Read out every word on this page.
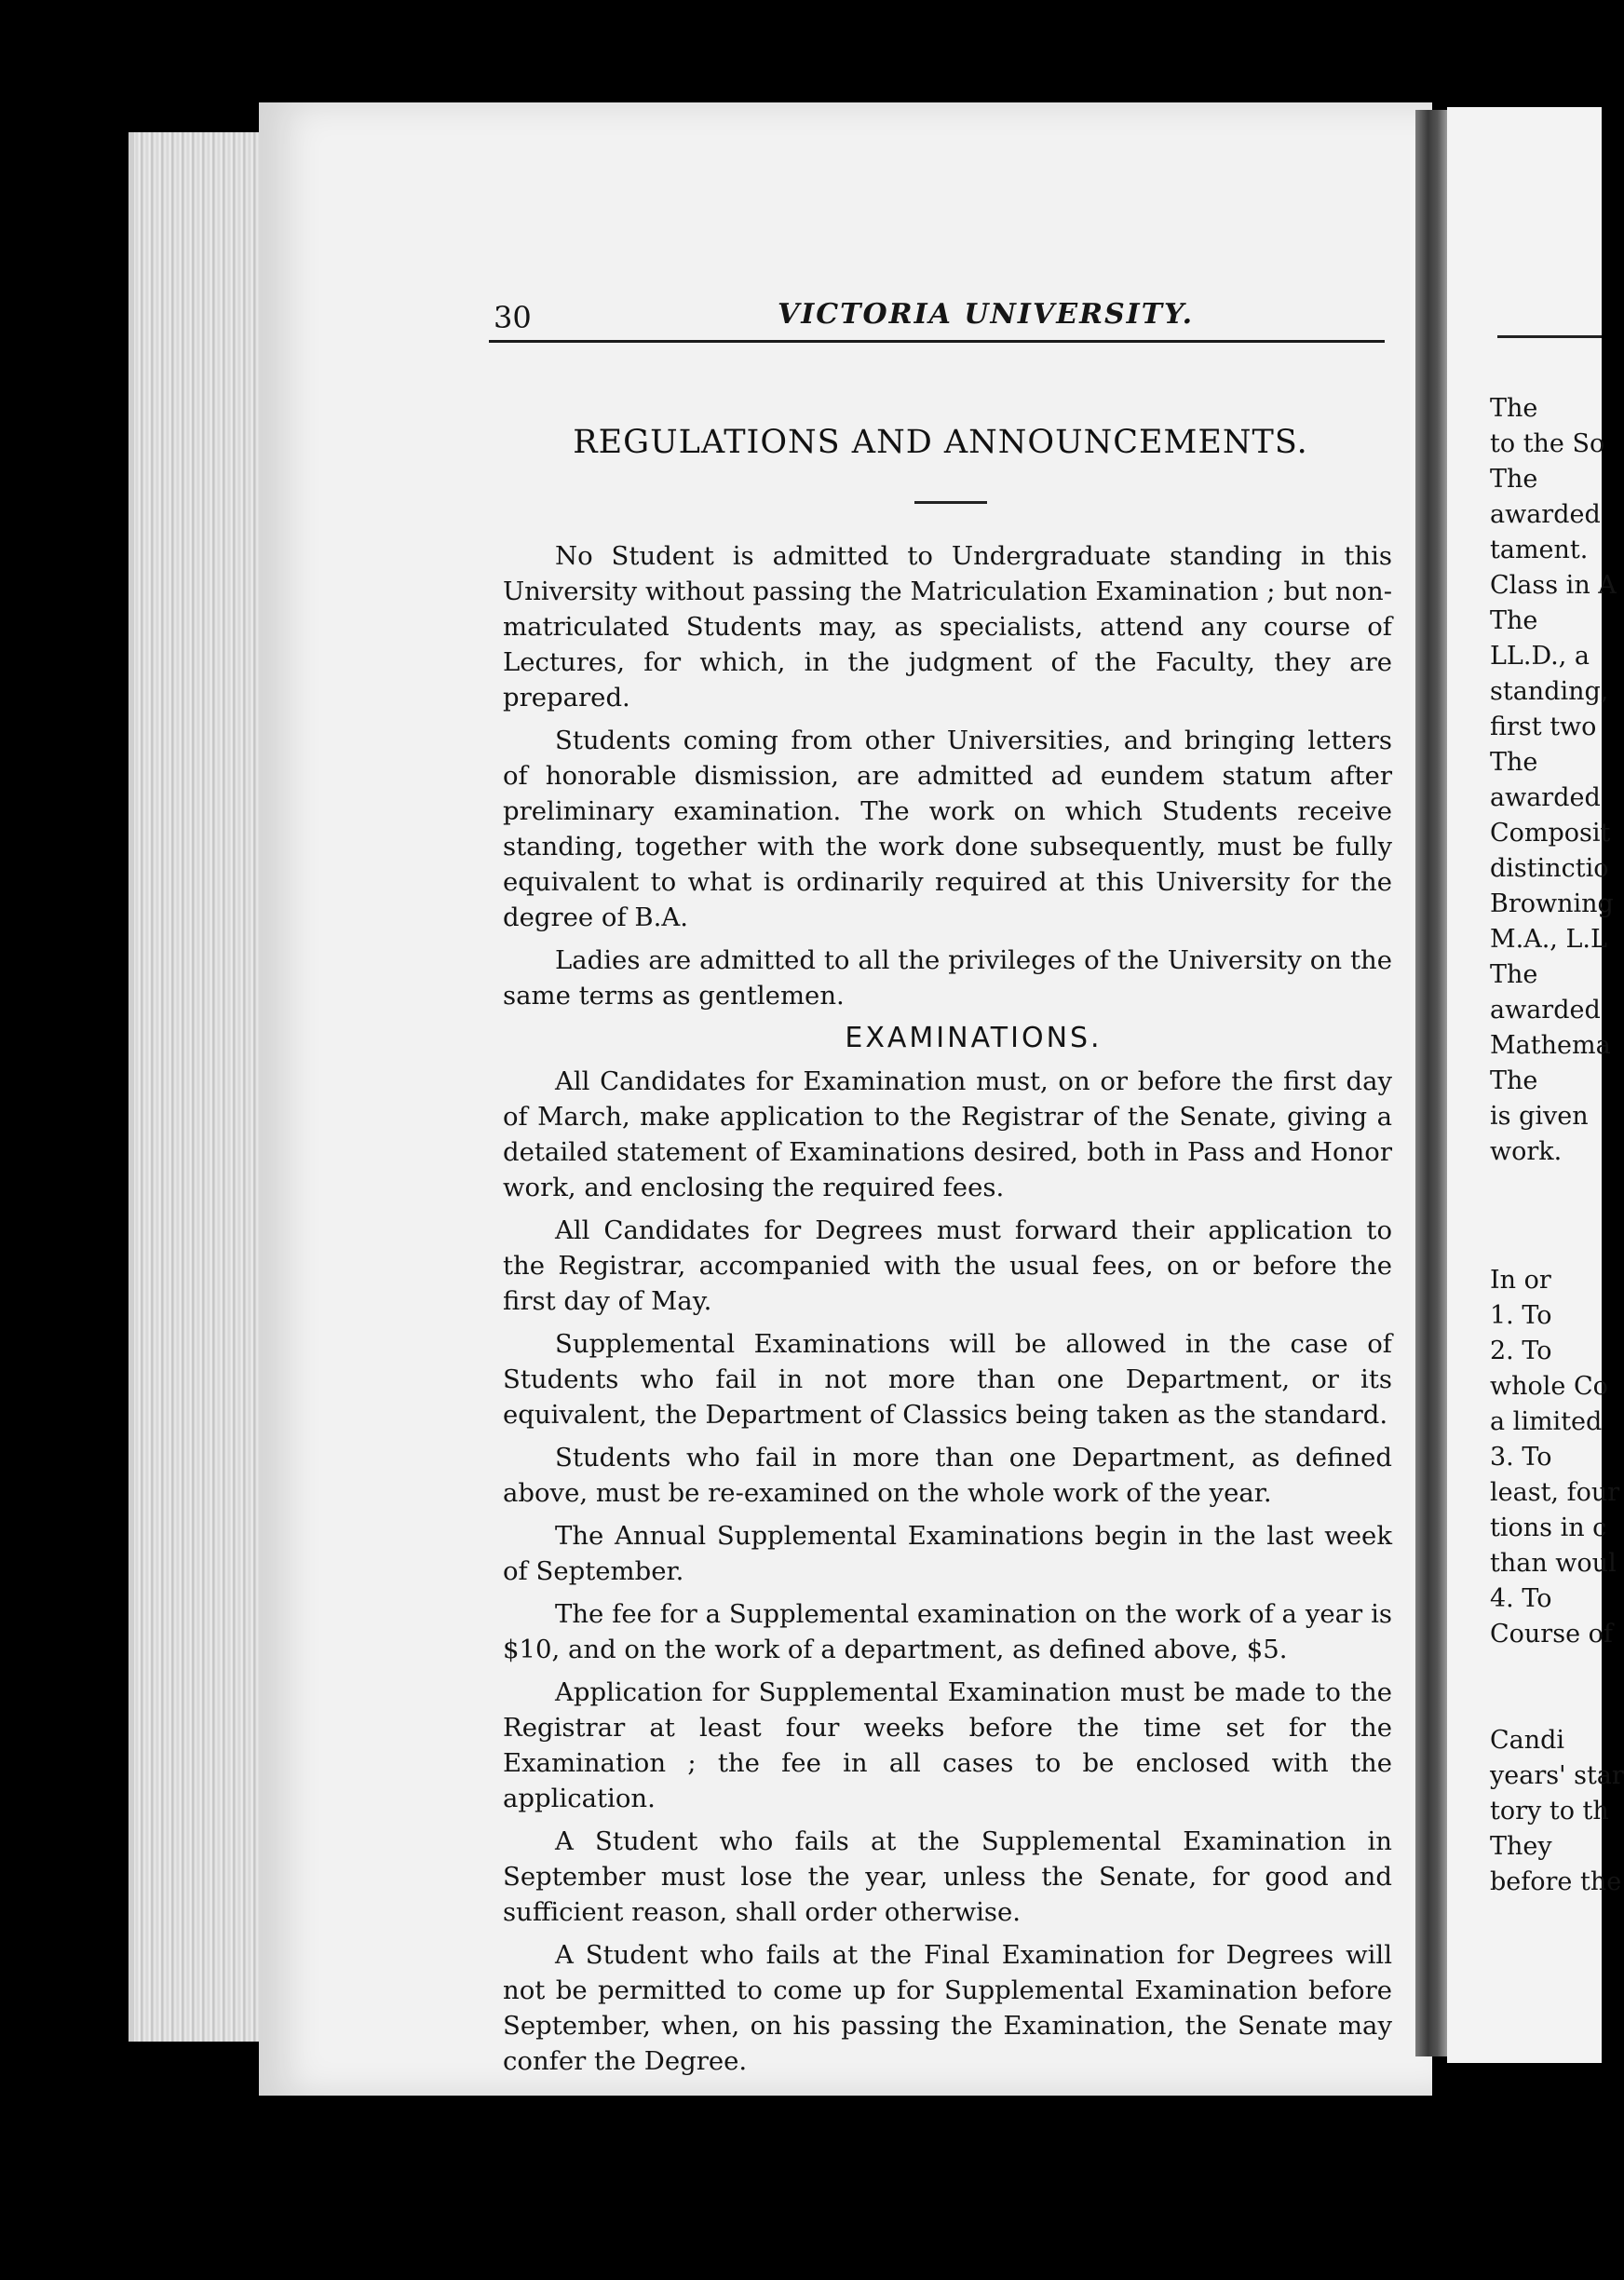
30	VICTORIA UNIVERSITY.
REGULATIONS AND ANNOUNCEMENTS.

No Student is admitted to Undergraduate standing in this University without passing the Matriculation Examination ; but non-matriculated Students may, as specialists, attend any course of Lectures, for which, in the judgment of the Faculty, they are prepared.

Students coming from other Universities, and bringing letters of honorable dismission, are admitted ad eundem statum after preliminary examination. The work on which Students receive standing, together with the work done subsequently, must be fully equivalent to what is ordinarily required at this University for the degree of B.A.

Ladies are admitted to all the privileges of the University on the same terms as gentlemen.

EXAMINATIONS.

All Candidates for Examination must, on or before the first day of March, make application to the Registrar of the Senate, giving a detailed statement of Examinations desired, both in Pass and Honor work, and enclosing the required fees.

All Candidates for Degrees must forward their application to the Registrar, accompanied with the usual fees, on or before the first day of May.

Supplemental Examinations will be allowed in the case of Students who fail in not more than one Department, or its equivalent, the Department of Classics being taken as the standard.

Students who fail in more than one Department, as defined above, must be re-examined on the whole work of the year.

The Annual Supplemental Examinations begin in the last week of September.

The fee for a Supplemental examination on the work of a year is $10, and on the work of a department, as defined above, $5.

Application for Supplemental Examination must be made to the Registrar at least four weeks before the time set for the Examination ; the fee in all cases to be enclosed with the application.

A Student who fails at the Supplemental Examination in September must lose the year, unless the Senate, for good and sufficient reason, shall order otherwise.

A Student who fails at the Final Examination for Degrees will not be permitted to come up for Supplemental Examination before September, when, on his passing the Examination, the Senate may confer the Degree.

The
to the So
The
awarded
tament.
Class in A
The
LL.D., a
standing,
first two
The
awarded
Composit
distinctio
Browning
M.A., L.L
The
awarded
Mathema
The
is given
work.
In or
1. To
2. To
whole Co
a limited
3. To
least, four
tions in c
than woul
4. To
Course of
Candi
years' star
tory to th
They
before the
